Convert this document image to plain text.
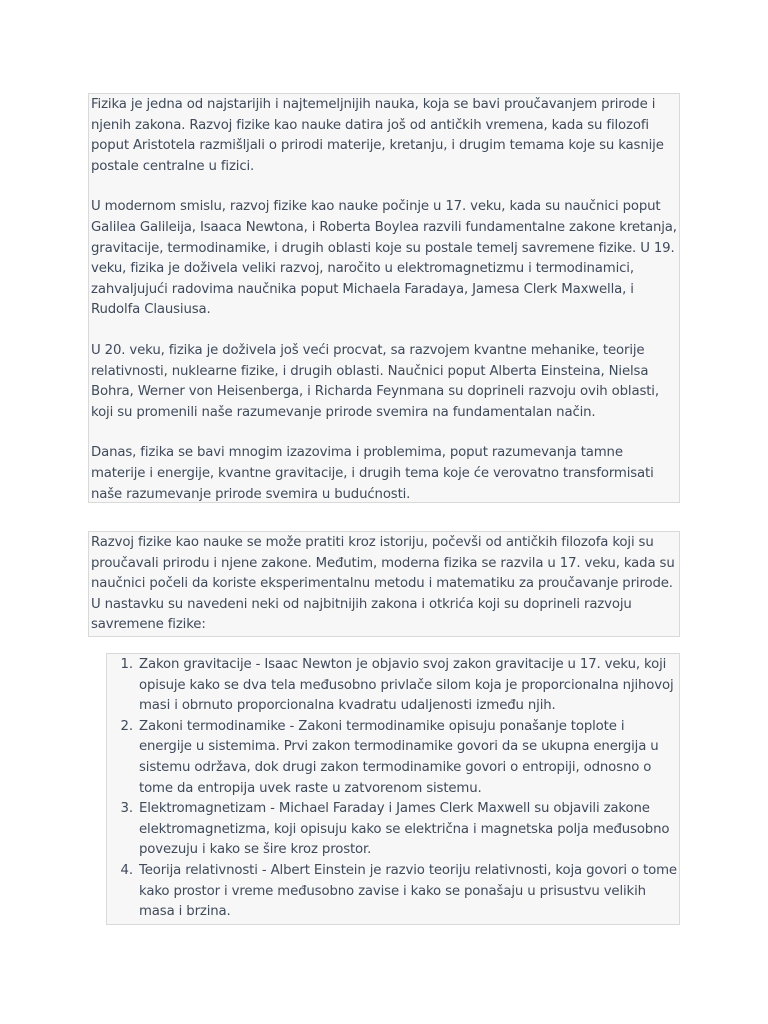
Fizika je jedna od najstarijih i najtemeljnijih nauka, koja se bavi proučavanjem prirode i njenih zakona. Razvoj fizike kao nauke datira još od antičkih vremena, kada su filozofi poput Aristotela razmišljali o prirodi materije, kretanju, i drugim temama koje su kasnije postale centralne u fizici.

U modernom smislu, razvoj fizike kao nauke počinje u 17. veku, kada su naučnici poput Galilea Galileija, Isaaca Newtona, i Roberta Boylea razvili fundamentalne zakone kretanja, gravitacije, termodinamike, i drugih oblasti koje su postale temelj savremene fizike. U 19. veku, fizika je doživela veliki razvoj, naročito u elektromagnetizmu i termodinamici, zahvaljujući radovima naučnika poput Michaela Faradaya, Jamesa Clerk Maxwella, i Rudolfa Clausiusa.

U 20. veku, fizika je doživela još veći procvat, sa razvojem kvantne mehanike, teorije relativnosti, nuklearne fizike, i drugih oblasti. Naučnici poput Alberta Einsteina, Nielsa Bohra, Werner von Heisenberga, i Richarda Feynmana su doprineli razvoju ovih oblasti, koji su promenili naše razumevanje prirode svemira na fundamentalan način.

Danas, fizika se bavi mnogim izazovima i problemima, poput razumevanja tamne materije i energije, kvantne gravitacije, i drugih tema koje će verovatno transformisati naše razumevanje prirode svemira u budućnosti.

Razvoj fizike kao nauke se može pratiti kroz istoriju, počevši od antičkih filozofa koji su proučavali prirodu i njene zakone. Međutim, moderna fizika se razvila u 17. veku, kada su naučnici počeli da koriste eksperimentalnu metodu i matematiku za proučavanje prirode. U nastavku su navedeni neki od najbitnijih zakona i otkrića koji su doprineli razvoju savremene fizike:

1. Zakon gravitacije - Isaac Newton je objavio svoj zakon gravitacije u 17. veku, koji opisuje kako se dva tela međusobno privlače silom koja je proporcionalna njihovoj masi i obrnuto proporcionalna kvadratu udaljenosti između njih.
2. Zakoni termodinamike - Zakoni termodinamike opisuju ponašanje toplote i energije u sistemima. Prvi zakon termodinamike govori da se ukupna energija u sistemu održava, dok drugi zakon termodinamike govori o entropiji, odnosno o tome da entropija uvek raste u zatvorenom sistemu.
3. Elektromagnetizam - Michael Faraday i James Clerk Maxwell su objavili zakone elektromagnetizma, koji opisuju kako se električna i magnetska polja međusobno povezuju i kako se šire kroz prostor.
4. Teorija relativnosti - Albert Einstein je razvio teoriju relativnosti, koja govori o tome kako prostor i vreme međusobno zavise i kako se ponašaju u prisustvu velikih masa i brzina.
